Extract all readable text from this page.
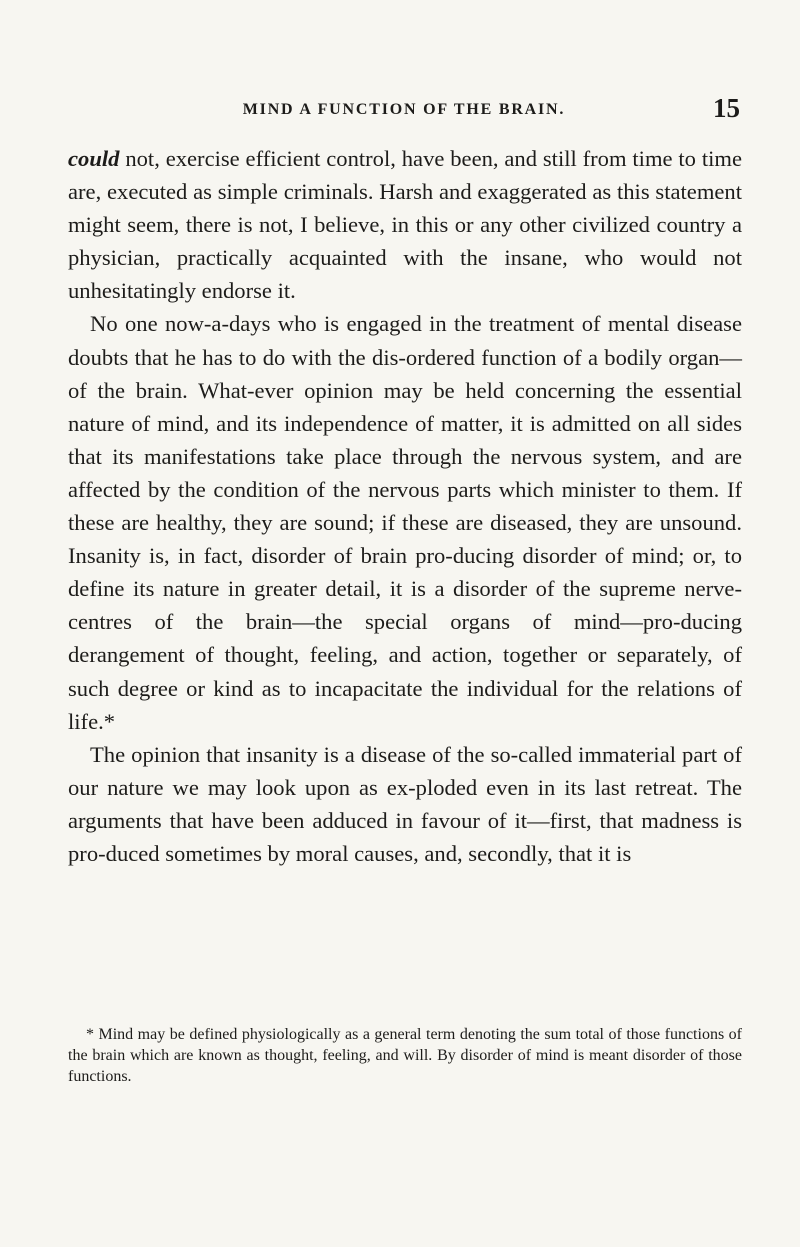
MIND A FUNCTION OF THE BRAIN.	15

could not, exercise efficient control, have been, and still from time to time are, executed as simple criminals. Harsh and exaggerated as this statement might seem, there is not, I believe, in this or any other civilized country a physician, practically acquainted with the insane, who would not unhesitatingly endorse it.

No one now-a-days who is engaged in the treatment of mental disease doubts that he has to do with the dis-ordered function of a bodily organ—of the brain. What-ever opinion may be held concerning the essential nature of mind, and its independence of matter, it is admitted on all sides that its manifestations take place through the nervous system, and are affected by the condition of the nervous parts which minister to them. If these are healthy, they are sound; if these are diseased, they are unsound. Insanity is, in fact, disorder of brain pro-ducing disorder of mind; or, to define its nature in greater detail, it is a disorder of the supreme nerve-centres of the brain—the special organs of mind—pro-ducing derangement of thought, feeling, and action, together or separately, of such degree or kind as to incapacitate the individual for the relations of life.*

The opinion that insanity is a disease of the so-called immaterial part of our nature we may look upon as ex-ploded even in its last retreat. The arguments that have been adduced in favour of it—first, that madness is pro-duced sometimes by moral causes, and, secondly, that it is

* Mind may be defined physiologically as a general term denoting the sum total of those functions of the brain which are known as thought, feeling, and will. By disorder of mind is meant disorder of those functions.
